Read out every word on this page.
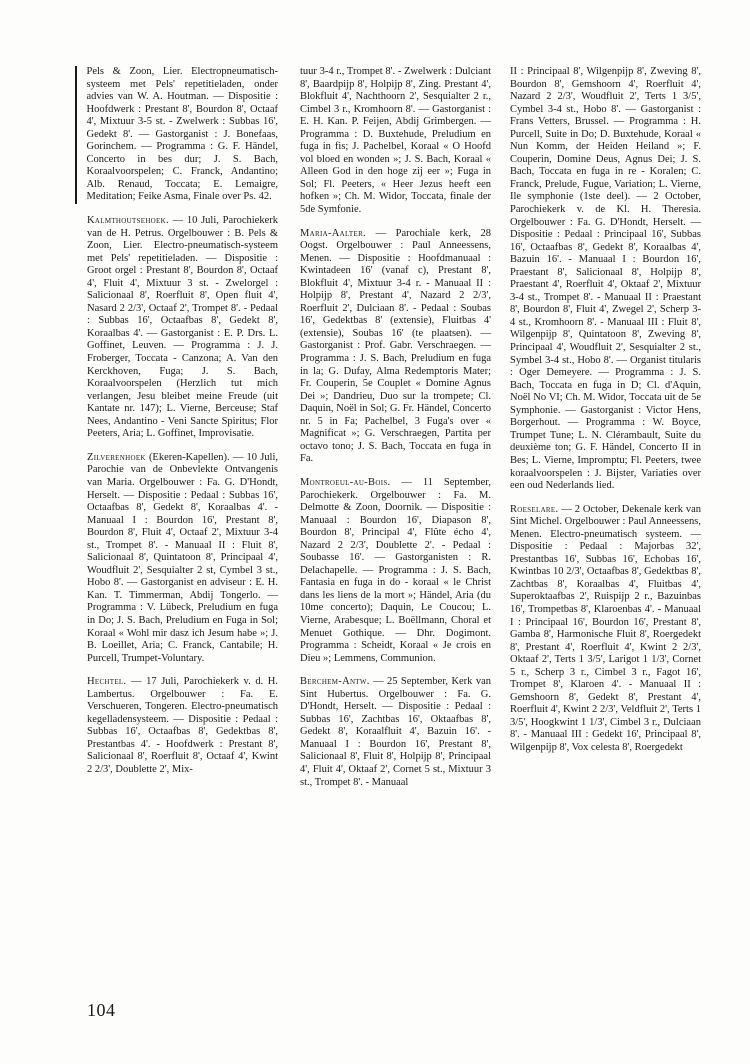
Pels & Zoon, Lier. Electropneumatisch-systeem met Pels' repetitieladen, onder advies van W. A. Houtman. — Dispositie : Hoofdwerk : Prestant 8', Bourdon 8', Octaaf 4', Mixtuur 3-5 st. - Zwelwerk : Subbas 16', Gedekt 8'. — Gastorganist : J. Bonefaas, Gorinchem. — Programma : G. F. Händel, Concerto in bes dur; J. S. Bach, Koraalvoorspelen; C. Franck, Andantino; Alb. Renaud, Toccata; E. Lemaigre, Meditation; Feike Asma, Finale over Ps. 42.

Kalmthoutsehoek. — 10 Juli, Parochiekerk van de H. Petrus. Orgelbouwer : B. Pels & Zoon, Lier. Electro-pneumatisch-systeem met Pels' repetitieladen. — Dispositie : Groot orgel : Prestant 8', Bourdon 8', Octaaf 4', Fluit 4', Mixtuur 3 st. - Zwelorgel : Salicionaal 8', Roerfluit 8', Open fluit 4', Nasard 2 2/3', Octaaf 2', Trompet 8'. - Pedaal : Subbas 16', Octaafbas 8', Gedekt 8', Koraalbas 4'. — Gastorganist : E. P. Drs. L. Goffinet, Leuven. — Programma : J. J. Froberger, Toccata - Canzona; A. Van den Kerckhoven, Fuga; J. S. Bach, Koraalvoorspelen (Herzlich tut mich verlangen, Jesu bleibet meine Freude (uit Kantate nr. 147); L. Vierne, Berceuse; Staf Nees, Andantino - Veni Sancte Spiritus; Flor Peeters, Aria; L. Goffinet, Improvisatie.

Zilverenhoek (Ekeren-Kapellen). — 10 Juli, Parochie van de Onbevlekte Ontvangenis van Maria. Orgelbouwer : Fa. G. D'Hondt, Herselt. — Dispositie : Pedaal : Subbas 16', Octaafbas 8', Gedekt 8', Koraalbas 4'. - Manuaal I : Bourdon 16', Prestant 8', Bourdon 8', Fluit 4', Octaaf 2', Mixtuur 3-4 st., Trompet 8'. - Manuaal II : Fluit 8', Salicionaal 8', Quintatoon 8', Principaal 4', Woudfluit 2', Sesquialter 2 st, Cymbel 3 st., Hobo 8'. — Gastorganist en adviseur : E. H. Kan. T. Timmerman, Abdij Tongerlo. — Programma : V. Lübeck, Preludium en fuga in Do; J. S. Bach, Preludium en Fuga in Sol; Koraal « Wohl mir dasz ich Jesum habe »; J. B. Loeillet, Aria; C. Franck, Cantabile; H. Purcell, Trumpet-Voluntary.

Hechtel. — 17 Juli, Parochiekerk v. d. H. Lambertus. Orgelbouwer : Fa. E. Verschueren, Tongeren. Electro-pneumatisch kegelladensysteem. — Dispositie : Pedaal : Subbas 16', Octaafbas 8', Gedektbas 8', Prestantbas 4'. - Hoofdwerk : Prestant 8', Salicionaal 8', Roerfluit 8', Octaaf 4', Kwint 2 2/3', Doublette 2', Mix-

tuur 3-4 r., Trompet 8'. - Zwelwerk : Dulciant 8', Baardpijp 8', Holpijp 8', Zing. Prestant 4', Blokfluit 4', Nachthoorn 2', Sesquialter 2 r., Cimbel 3 r., Kromhoorn 8'. — Gastorganist : E. H. Kan. P. Feijen, Abdij Grimbergen. — Programma : D. Buxtehude, Preludium en fuga in fis; J. Pachelbel, Koraal « O Hoofd vol bloed en wonden »; J. S. Bach, Koraal « Alleen God in den hoge zij eer »; Fuga in Sol; Fl. Peeters, « Heer Jezus heeft een hofken »; Ch. M. Widor, Toccata, finale der 5de Symfonie.

Maria-Aalter. — Parochiale kerk, 28 Oogst. Orgelbouwer : Paul Anneessens, Menen. — Dispositie : Hoofdmanuaal : Kwintadeen 16' (vanaf c), Prestant 8', Blokfluit 4', Mixtuur 3-4 r. - Manuaal II : Holpijp 8', Prestant 4', Nazard 2 2/3', Roerfluit 2', Dulciaan 8'. - Pedaal : Soubas 16', Gedektbas 8' (extensie), Fluitbas 4' (extensie), Soubas 16' (te plaatsen). — Gastorganist : Prof. Gabr. Verschraegen. — Programma : J. S. Bach, Preludium en fuga in la; G. Dufay, Alma Redemptoris Mater; Fr. Couperin, 5e Couplet « Domine Agnus Dei »; Dandrieu, Duo sur la trompete; Cl. Daquin, Noël in Sol; G. Fr. Händel, Concerto nr. 5 in Fa; Pachelbel, 3 Fuga's over « Magnificat »; G. Verschraegen, Partita per octavo tono; J. S. Bach, Toccata en fuga in Fa.

Montroeul-au-Bois. — 11 September, Parochiekerk. Orgelbouwer : Fa. M. Delmotte & Zoon, Doornik. — Dispositie : Manuaal : Bourdon 16', Diapason 8', Bourdon 8', Principal 4', Flûte écho 4', Nazard 2 2/3', Doublette 2'. - Pedaal : Soubasse 16'. — Gastorganisten : R. Delachapelle. — Programma : J. S. Bach, Fantasia en fuga in do - koraal « le Christ dans les liens de la mort »; Händel, Aria (du 10me concerto); Daquin, Le Coucou; L. Vierne, Arabesque; L. Boëllmann, Choral et Menuet Gothique. — Dhr. Dogimont. Programma : Scheidt, Koraal « Je crois en Dieu »; Lemmens, Communion.

Berchem-Antw. — 25 September, Kerk van Sint Hubertus. Orgelbouwer : Fa. G. D'Hondt, Herselt. — Dispositie : Pedaal : Subbas 16', Zachtbas 16', Oktaafbas 8', Gedekt 8', Koraalfluit 4', Bazuin 16'. - Manuaal I : Bourdon 16', Prestant 8', Salicionaal 8', Fluit 8', Holpijp 8', Principaal 4', Fluit 4', Oktaaf 2', Cornet 5 st., Mixtuur 3 st., Trompet 8'. - Manuaal

II : Principaal 8', Wilgenpijp 8', Zweving 8', Bourdon 8', Gemshoorn 4', Roerfluit 4', Nazard 2 2/3', Woudfluit 2', Terts 1 3/5', Cymbel 3-4 st., Hobo 8'. — Gastorganist : Frans Vetters, Brussel. — Programma : H. Purcell, Suite in Do; D. Buxtehude, Koraal « Nun Komm, der Heiden Heiland »; F. Couperin, Domine Deus, Agnus Dei; J. S. Bach, Toccata en fuga in re - Koralen; C. Franck, Prelude, Fugue, Variation; L. Vierne, Ile symphonie (1ste deel). — 2 October, Parochiekerk v. de Kl. H. Theresia. Orgelbouwer : Fa. G. D'Hondt, Herselt. — Dispositie : Pedaal : Principaal 16', Subbas 16', Octaafbas 8', Gedekt 8', Koraalbas 4', Bazuin 16'. - Manuaal I : Bourdon 16', Praestant 8', Salicionaal 8', Holpijp 8', Praestant 4', Roerfluit 4', Oktaaf 2', Mixtuur 3-4 st., Trompet 8'. - Manuaal II : Praestant 8', Bourdon 8', Fluit 4', Zwegel 2', Scherp 3-4 st., Kromhoorn 8'. - Manuaal III : Fluit 8', Wilgenpijp 8', Quintatoon 8', Zweving 8', Principaal 4', Woudfluit 2', Sesquialter 2 st., Symbel 3-4 st., Hobo 8'. — Organist titularis : Oger Demeyere. — Programma : J. S. Bach, Toccata en fuga in D; Cl. d'Aquin, Noël No VI; Ch. M. Widor, Toccata uit de 5e Symphonie. — Gastorganist : Victor Hens, Borgerhout. — Programma : W. Boyce, Trumpet Tune; L. N. Clérambault, Suite du deuxième ton; G. F. Händel, Concerto II in Bes; L. Vierne, Impromptu; Fl. Peeters, twee koraalvoorspelen : J. Bijster, Variaties over een oud Nederlands lied.

Roeselare. — 2 October, Dekenale kerk van Sint Michel. Orgelbouwer : Paul Anneessens, Menen. Electro-pneumatisch systeem. — Dispositie : Pedaal : Majorbas 32', Prestantbas 16', Subbas 16', Echobas 16', Kwintbas 10 2/3', Octaafbas 8', Gedektbas 8', Zachtbas 8', Koraalbas 4', Fluitbas 4', Superoktaafbas 2', Ruispijp 2 r., Bazuinbas 16', Trompetbas 8', Klaroenbas 4'. - Manuaal I : Principaal 16', Bourdon 16', Prestant 8', Gamba 8', Harmonische Fluit 8', Roergedekt 8', Prestant 4', Roerfluit 4', Kwint 2 2/3', Oktaaf 2', Terts 1 3/5', Larigot 1 1/3', Cornet 5 r., Scherp 3 r., Cimbel 3 r., Fagot 16', Trompet 8', Klaroen 4'. - Manuaal II : Gemshoorn 8', Gedekt 8', Prestant 4', Roerfluit 4', Kwint 2 2/3', Veldfluit 2', Terts 1 3/5', Hoogkwint 1 1/3', Cimbel 3 r., Dulciaan 8'. - Manuaal III : Gedekt 16', Principaal 8', Wilgenpijp 8', Vox celesta 8', Roergedekt

104
